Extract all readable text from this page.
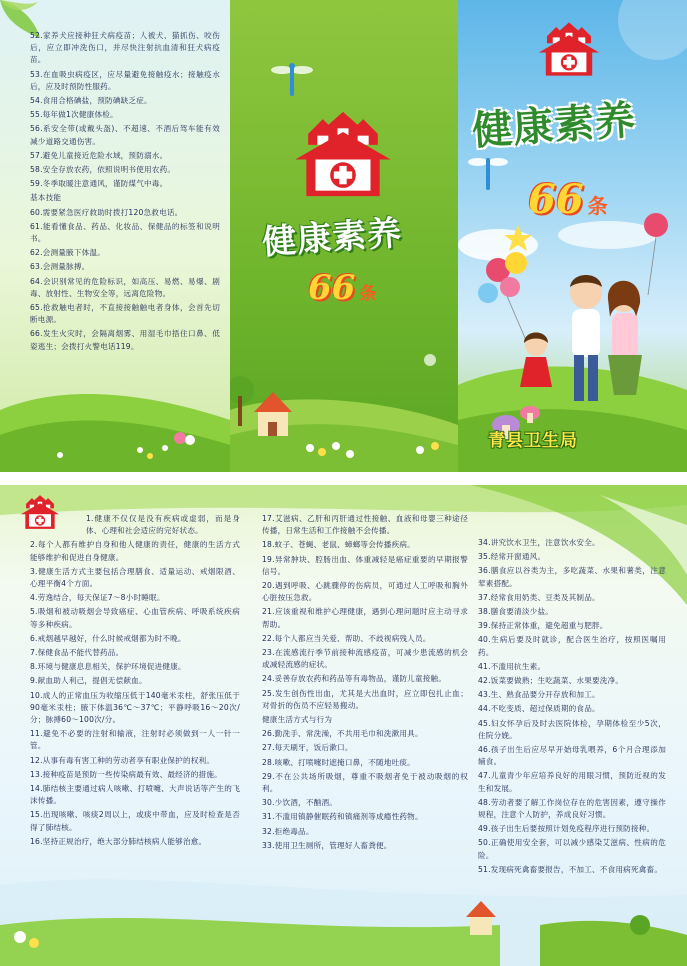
52.家养犬应接种狂犬病疫苗；人被犬、猫抓伤、咬伤后，应立即冲洗伤口，并尽快注射抗血清和狂犬病疫苗。
53.在血吸虫病疫区，应尽量避免接触疫水；接触疫水后，应及时预防性服药。
54.食用合格碘盐，预防碘缺乏症。
55.每年做1次健康体检。
56.系安全带(或戴头盔)、不超速、不酒后驾车能有效减少道路交通伤害。
57.避免儿童接近危险水域，预防溺水。
58.安全存放农药，依照说明书使用农药。
59.冬季取暖注意通风，谨防煤气中毒。
基本技能
60.需要紧急医疗救助时拨打120急救电话。
61.能看懂食品、药品、化妆品、保健品的标签和说明书。
62.会测量腋下体温。
63.会测量脉搏。
64.会识别常见的危险标识，如高压、易燃、易爆、剧毒、放射性、生物安全等，远离危险物。
65.抢救触电者时，不直接接触触电者身体，会首先切断电源。
66.发生火灾时，会隔离烟雾、用湿毛巾捂住口鼻、低姿逃生；会拨打火警电话119。
健康素养
66 条
健康素养
66 条
青县卫生局
1.健康不仅仅是没有疾病或虚弱，而是身体、心理和社会适应的完好状态。
2.每个人都有维护自身和他人健康的责任，健康的生活方式能够维护和促进自身健康。
3.健康生活方式主要包括合理膳食、适量运动、戒烟限酒、心理平衡4个方面。
4.劳逸结合，每天保证7～8小时睡眠。
5.吸烟和被动吸烟会导致癌症、心血管疾病、呼吸系统疾病等多种疾病。
6.戒烟越早越好，什么时候戒烟都为时不晚。
7.保健食品不能代替药品。
8.环境与健康息息相关，保护环境促进健康。
9.献血助人利己，提倡无偿献血。
10.成人的正常血压为收缩压低于140毫米汞柱，舒张压低于90毫米汞柱；腋下体温36℃～37℃；平静呼吸16～20次/分；脉搏60～100次/分。
11.避免不必要的注射和输液，注射时必须做到一人一针一管。
12.从事有毒有害工种的劳动者享有职业保护的权利。
13.接种疫苗是预防一些传染病最有效、最经济的措施。
14.肺结核主要通过病人咳嗽、打喷嚏、大声说话等产生的飞沫传播。
15.出现咳嗽、咳痰2周以上，或痰中带血，应及时检查是否得了肺结核。
16.坚持正规治疗，绝大部分肺结核病人能够治愈。
17.艾滋病、乙肝和丙肝通过性接触、血液和母婴三种途径传播，日常生活和工作接触不会传播。
18.蚊子、苍蝇、老鼠、蟑螂等会传播疾病。
19.异常肿块、腔肠出血、体重减轻是癌症重要的早期报警信号。
20.遇到呼吸、心跳骤停的伤病员，可通过人工呼吸和胸外心脏按压急救。
21.应该重视和维护心理健康，遇到心理问题时应主动寻求帮助。
22.每个人都应当关爱、帮助、不歧视病残人员。
23.在流感流行季节前接种流感疫苗，可减少患流感的机会或减轻流感的症状。
24.妥善存放农药和药品等有毒物品，谨防儿童接触。
25.发生创伤性出血，尤其是大出血时，应立即包扎止血；对骨折的伤员不应轻易搬动。
健康生活方式与行为
26.勤洗手、常洗澡，不共用毛巾和洗漱用具。
27.每天刷牙，饭后漱口。
28.咳嗽、打喷嚏时遮掩口鼻，不随地吐痰。
29.不在公共场所吸烟，尊重不吸烟者免于被动吸烟的权利。
30.少饮酒，不酗酒。
31.不滥用镇静催眠药和镇痛剂等成瘾性药物。
32.拒绝毒品。
33.使用卫生厕所，管理好人畜粪便。
34.讲究饮水卫生，注意饮水安全。
35.经常开窗通风。
36.膳食应以谷类为主，多吃蔬菜、水果和薯类，注意荤素搭配。
37.经常食用奶类、豆类及其制品。
38.膳食要清淡少盐。
39.保持正常体重，避免超重与肥胖。
40.生病后要及时就诊，配合医生治疗，按照医嘱用药。
41.不滥用抗生素。
42.饭菜要做熟；生吃蔬菜、水果要洗净。
43.生、熟食品要分开存放和加工。
44.不吃变质、超过保质期的食品。
45.妇女怀孕后及时去医院体检，孕期体检至少5次，住院分娩。
46.孩子出生后应尽早开始母乳喂养，6个月合理添加辅食。
47.儿童青少年应培养良好的用眼习惯，预防近视的发生和发展。
48.劳动者要了解工作岗位存在的危害因素，遵守操作规程，注意个人防护，养成良好习惯。
49.孩子出生后要按照计划免疫程序进行预防接种。
50.正确使用安全套，可以减少感染艾滋病、性病的危险。
51.发现病死禽畜要报告，不加工、不食用病死禽畜。
